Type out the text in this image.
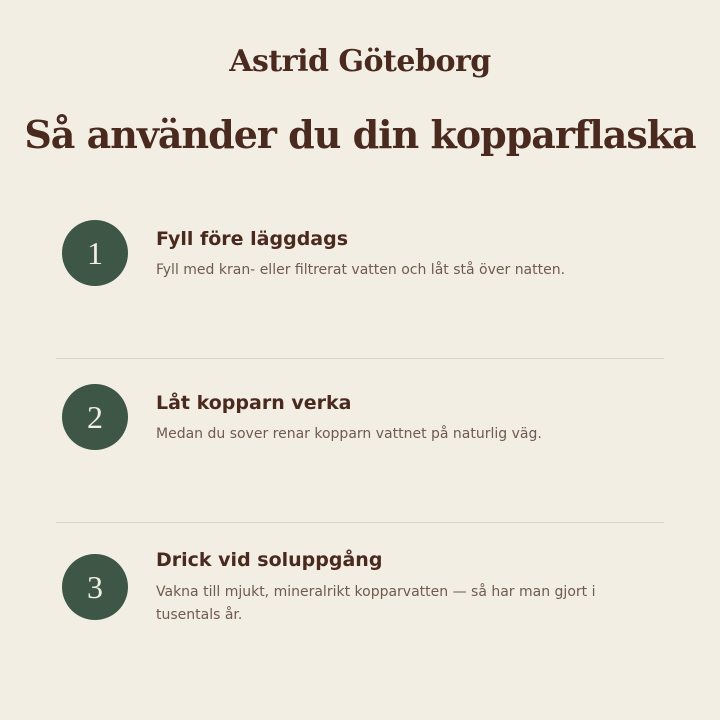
Astrid Göteborg
Så använder du din kopparflaska
1	Fyll före läggdags
Fyll med kran- eller filtrerat vatten och låt stå över natten.
2	Låt kopparn verka
Medan du sover renar kopparn vattnet på naturlig väg.
3
Drick vid soluppgång
Vakna till mjukt, mineralrikt kopparvatten — så har man gjort i tusentals år.
